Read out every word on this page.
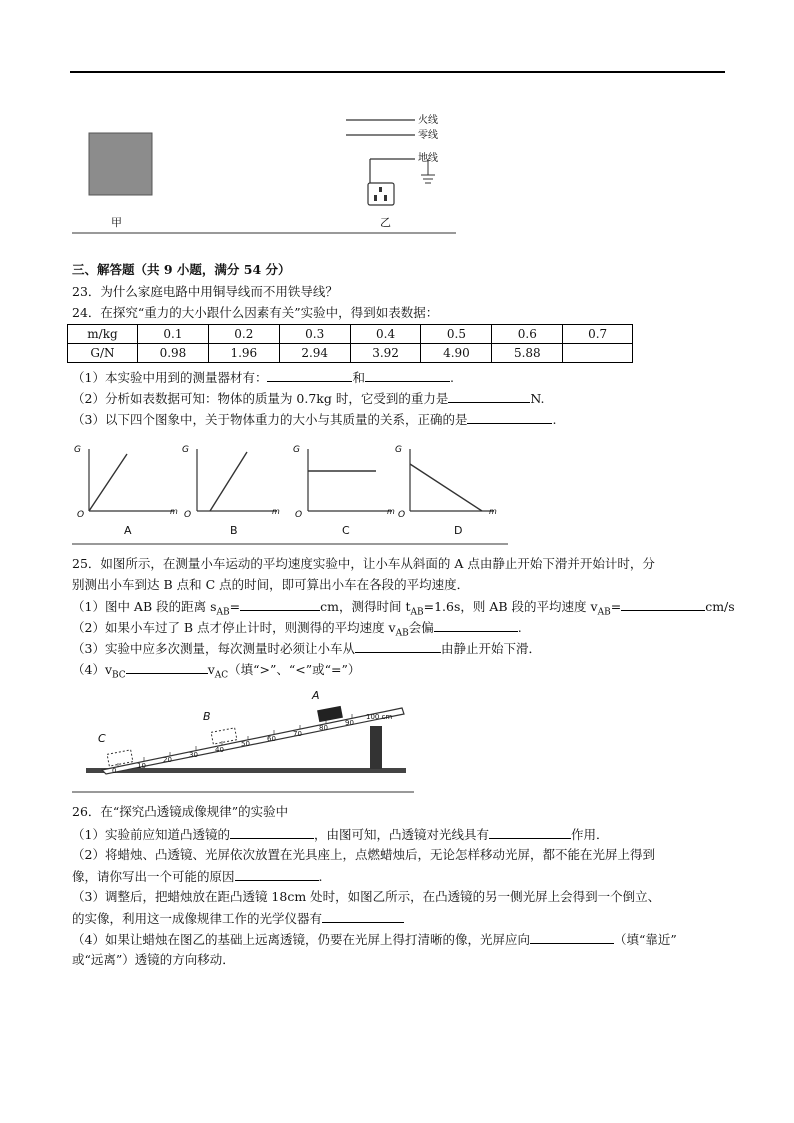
火线
零线
地线
甲	乙
三、解答题（共 9 小题，满分 54 分）
23．为什么家庭电路中用铜导线而不用铁导线？
24．在探究“重力的大小跟什么因素有关”实验中，得到如表数据：
m/kg	0.1	0.2	0.3	0.4	0.5	0.6	0.7
G/N	0.98	1.96	2.94	3.92	4.90	5.88	
（1）本实验中用到的测量器材有：	和	.
（2）分析如表数据可知：物体的质量为 0.7kg 时，它受到的重力是	N.
（3）以下四个图象中，关于物体重力的大小与其质量的关系，正确的是	.
G	G	G	G
m	m	m	m
O	O	O	O
A	B	C	D
25．如图所示，在测量小车运动的平均速度实验中，让小车从斜面的 A 点由静止开始下滑并开始计时，分
别测出小车到达 B 点和 C 点的时间，即可算出小车在各段的平均速度．
（1）图中 AB 段的距离 $s_{AB}=$	cm，测得时间 $t_{AB}=1.6s$，则 AB 段的平均速度 $v_{AB}=$	cm/s
（2）如果小车过了 B 点才停止计时，则测得的平均速度 $v_{AB}$会偏	.
（3）实验中应多次测量，每次测量时必须让小车从	由静止开始下滑．
$(4)v_{BC}$	$v_{AC}$（填“>”、“<”或“=”）
A
B
C
0
10
20
30
40
50
60
70
80
90
100 cm
26．在“探究凸透镜成像规律”的实验中
（1）实验前应知道凸透镜的	，由图可知，凸透镜对光线具有	作用．
（2）将蜡烛、凸透镜、光屏依次放置在光具座上，点燃蜡烛后，无论怎样移动光屏，都不能在光屏上得到
像，请你写出一个可能的原因	.
（3）调整后，把蜡烛放在距凸透镜 18cm 处时，如图乙所示，在凸透镜的另一侧光屏上会得到一个倒立、
的实像，利用这一成像规律工作的光学仪器有
（4）如果让蜡烛在图乙的基础上远离透镜，仍要在光屏上得打清晰的像，光屏应向	（填“靠近”
或“远离”）透镜的方向移动．
